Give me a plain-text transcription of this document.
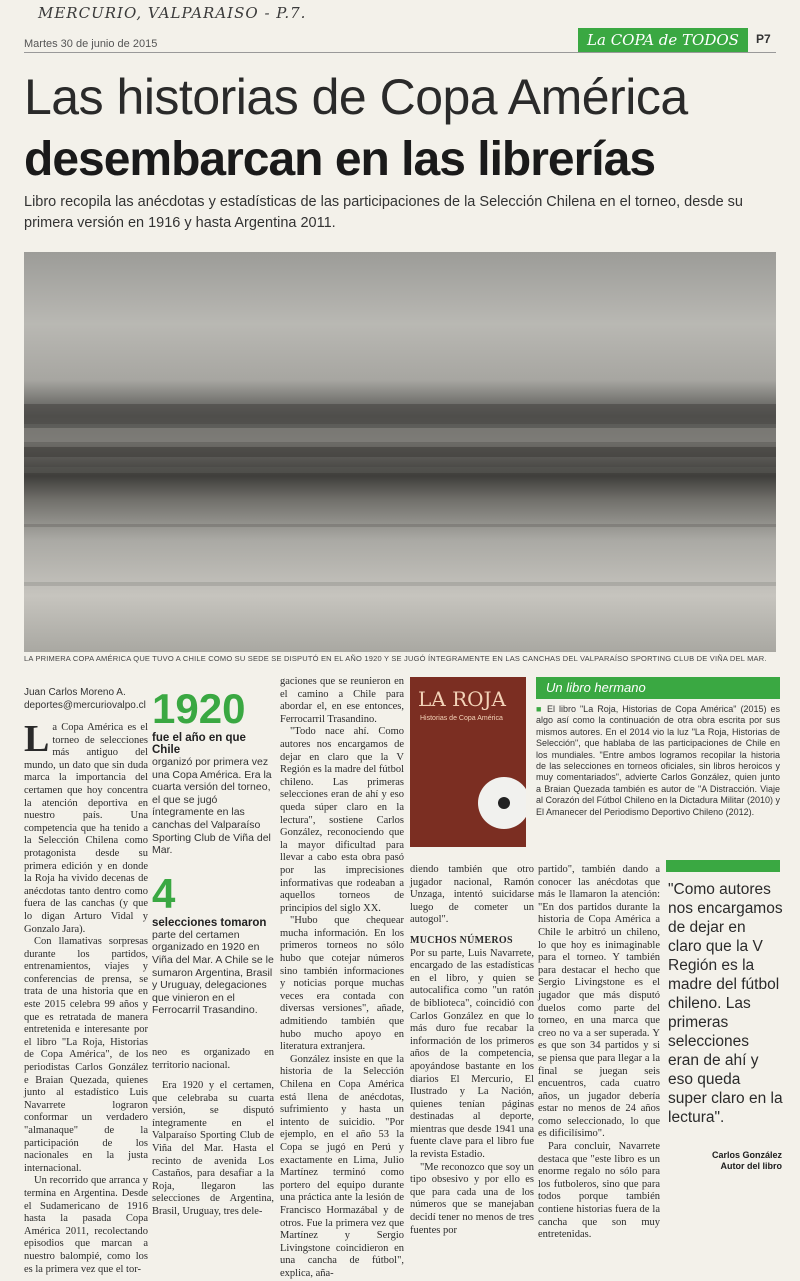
MERCURIO, VALPARAISO - P.7.
Martes 30 de junio de 2015	La COPA de TODOS	P7
Las historias de Copa América
desembarcan en las librerías
Libro recopila las anécdotas y estadísticas de las participaciones de la Selección Chilena en el torneo, desde su primera versión en 1916 y hasta Argentina 2011.
LA PRIMERA COPA AMÉRICA QUE TUVO A CHILE COMO SU SEDE SE DISPUTÓ EN EL AÑO 1920 Y SE JUGÓ ÍNTEGRAMENTE EN LAS CANCHAS DEL VALPARAÍSO SPORTING CLUB DE VIÑA DEL MAR.
Juan Carlos Moreno A.
deportes@mercuriovalpo.cl
L a Copa América es el torneo de selecciones más antiguo del mundo, un dato que sin duda marca la importancia del certamen que hoy concentra la atención deportiva en nuestro país. Una competencia que ha tenido a la Selección Chilena como protagonista desde su primera edición y en donde la Roja ha vivido decenas de anécdotas tanto dentro como fuera de las canchas (y que lo digan Arturo Vidal y Gonzalo Jara).

Con llamativas sorpresas durante los partidos, entrenamientos, viajes y conferencias de prensa, se trata de una historia que en este 2015 celebra 99 años y que es retratada de manera entretenida e interesante por el libro "La Roja, Historias de Copa América", de los periodistas Carlos González e Braian Quezada, quienes junto al estadístico Luis Navarrete lograron conformar un verdadero "almanaque" de la participación de los nacionales en la justa internacional.

Un recorrido que arranca y termina en Argentina. Desde el Sudamericano de 1916 hasta la pasada Copa América 2011, recolectando episodios que marcan a nuestro balompié, como los es la primera vez que el tor-

1920
fue el año en que Chile
organizó por primera vez una Copa América. Era la cuarta versión del torneo, el que se jugó íntegramente en las canchas del Valparaíso Sporting Club de Viña del Mar.
4
selecciones tomaron
parte del certamen organizado en 1920 en Viña del Mar. A Chile se le sumaron Argentina, Brasil y Uruguay, delegaciones que vinieron en el Ferrocarril Trasandino.
neo es organizado en territorio nacional.
Era 1920 y el certamen, que celebraba su cuarta versión, se disputó íntegramente en el Valparaíso Sporting Club de Viña del Mar. Hasta el recinto de avenida Los Castaños, para desafiar a la Roja, llegaron las selecciones de Argentina, Brasil, Uruguay, tres dele-

gaciones que se reunieron en el camino a Chile para abordar el, en ese entonces, Ferrocarril Trasandino.

"Todo nace ahí. Como autores nos encargamos de dejar en claro que la V Región es la madre del fútbol chileno. Las primeras selecciones eran de ahí y eso queda súper claro en la lectura", sostiene Carlos González, reconociendo que la mayor dificultad para llevar a cabo esta obra pasó por las imprecisiones informativas que rodeaban a aquellos torneos de principios del siglo XX.

"Hubo que chequear mucha información. En los primeros torneos no sólo hubo que cotejar números sino también informaciones y noticias porque muchas veces era contada con diversas versiones", añade, admitiendo también que hubo mucho apoyo en literatura extranjera.

González insiste en que la historia de la Selección Chilena en Copa América está llena de anécdotas, sufrimiento y hasta un intento de suicidio. "Por ejemplo, en el año 53 la Copa se jugó en Perú y exactamente en Lima, Julio Martínez terminó como portero del equipo durante una práctica ante la lesión de Francisco Hormazábal y de otros. Fue la primera vez que Martínez y Sergio Livingstone coincidieron en una cancha de fútbol", explica, aña-

LA ROJA
Historias de Copa América
Un libro hermano
■ El libro "La Roja, Historias de Copa América" (2015) es algo así como la continuación de otra obra escrita por sus mismos autores. En el 2014 vio la luz "La Roja, Historias de Selección", que hablaba de las participaciones de Chile en los mundiales. "Entre ambos logramos recopilar la historia de las selecciones en torneos oficiales, sin libros heroicos y muy comentariados", advierte Carlos González, quien junto a Braian Quezada también es autor de "A Distracción. Viaje al Corazón del Fútbol Chileno en la Dictadura Militar (2010) y El Amanecer del Periodismo Deportivo Chileno (2012).

diendo también que otro jugador nacional, Ramón Unzaga, intentó suicidarse luego de cometer un autogol".

MUCHOS NÚMEROS

Por su parte, Luis Navarrete, encargado de las estadísticas en el libro, y quien se autocalifica como "un ratón de biblioteca", coincidió con Carlos González en que lo más duro fue recabar la información de los primeros años de la competencia, apoyándose bastante en los diarios El Mercurio, El Ilustrado y La Nación, quienes tenían páginas destinadas al deporte, mientras que desde 1941 una fuente clave para el libro fue la revista Estadio.

"Me reconozco que soy un tipo obsesivo y por ello es que para cada una de los números que se manejaban decidí tener no menos de tres fuentes por

partido", también dando a conocer las anécdotas que más le llamaron la atención: "En dos partidos durante la historia de Copa América a Chile le arbitró un chileno, lo que hoy es inimaginable para el torneo. Y también para destacar el hecho que Sergio Livingstone es el jugador que más disputó duelos como parte del torneo, en una marca que creo no va a ser superada. Y es que son 34 partidos y si se piensa que para llegar a la final se juegan seis encuentros, cada cuatro años, un jugador debería estar no menos de 24 años como seleccionado, lo que es dificilísimo".

Para concluir, Navarrete destaca que "este libro es un enorme regalo no sólo para los futboleros, sino que para todos porque también contiene historias fuera de la cancha que son muy entretenidas.

"Como autores nos encargamos de dejar en claro que la V Región es la madre del fútbol chileno. Las primeras selecciones eran de ahí y eso queda super claro en la lectura".
Carlos González
Autor del libro
